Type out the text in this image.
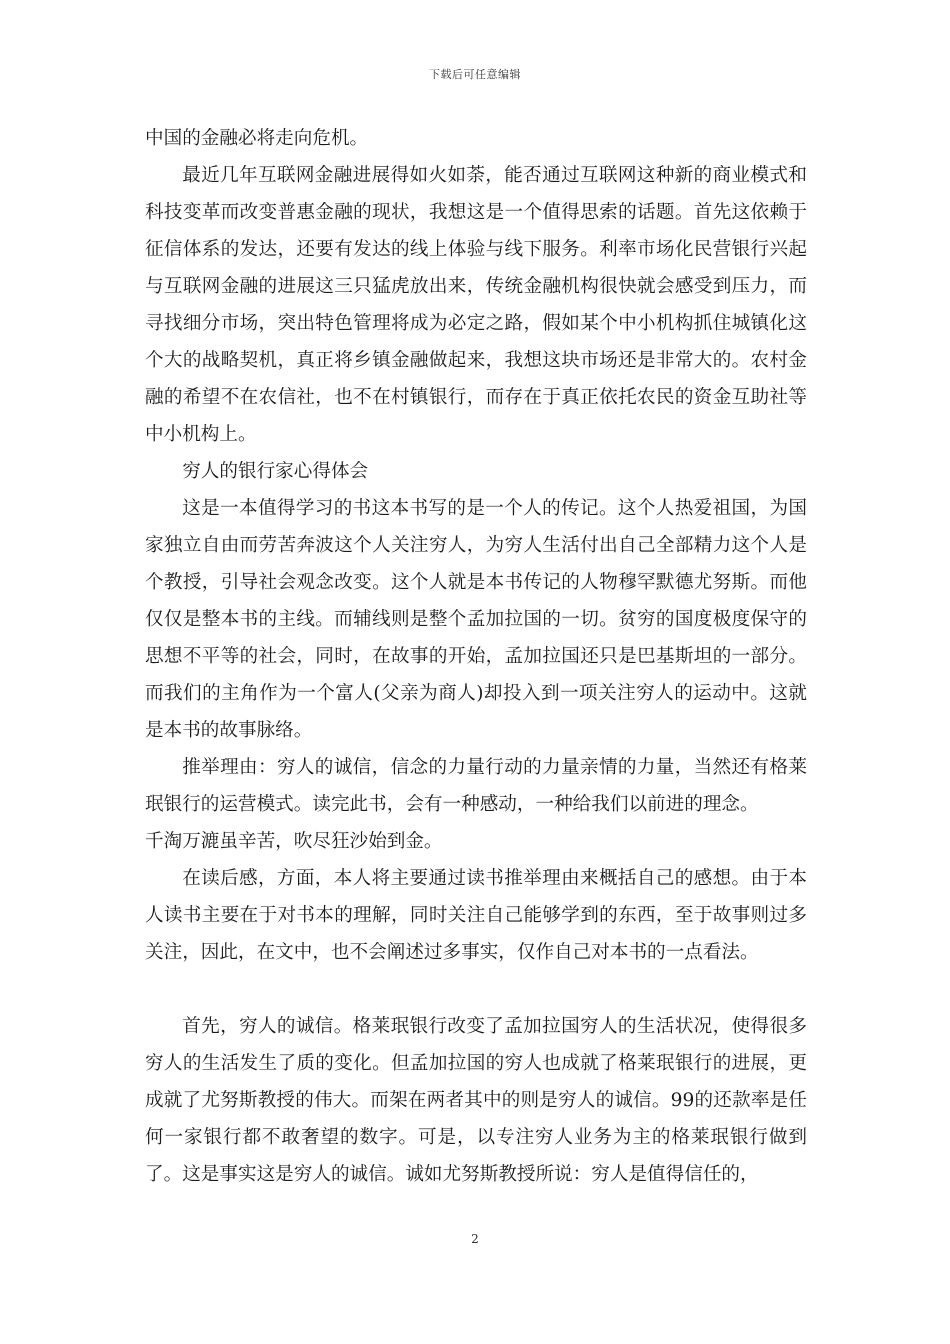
下载后可任意编辑

中国的金融必将走向危机。

最近几年互联网金融进展得如火如荼，能否通过互联网这种新的商业模式和科技变革而改变普惠金融的现状，我想这是一个值得思索的话题。首先这依赖于征信体系的发达，还要有发达的线上体验与线下服务。利率市场化民营银行兴起与互联网金融的进展这三只猛虎放出来，传统金融机构很快就会感受到压力，而寻找细分市场，突出特色管理将成为必定之路，假如某个中小机构抓住城镇化这个大的战略契机，真正将乡镇金融做起来，我想这块市场还是非常大的。农村金融的希望不在农信社，也不在村镇银行，而存在于真正依托农民的资金互助社等中小机构上。

穷人的银行家心得体会

这是一本值得学习的书这本书写的是一个人的传记。这个人热爱祖国，为国家独立自由而劳苦奔波这个人关注穷人，为穷人生活付出自己全部精力这个人是个教授，引导社会观念改变。这个人就是本书传记的人物穆罕默德尤努斯。而他仅仅是整本书的主线。而辅线则是整个孟加拉国的一切。贫穷的国度极度保守的思想不平等的社会，同时，在故事的开始，孟加拉国还只是巴基斯坦的一部分。而我们的主角作为一个富人(父亲为商人)却投入到一项关注穷人的运动中。这就是本书的故事脉络。

推举理由：穷人的诚信，信念的力量行动的力量亲情的力量，当然还有格莱珉银行的运营模式。读完此书，会有一种感动，一种给我们以前进的理念。

千淘万漉虽辛苦，吹尽狂沙始到金。

在读后感，方面，本人将主要通过读书推举理由来概括自己的感想。由于本人读书主要在于对书本的理解，同时关注自己能够学到的东西，至于故事则过多关注，因此，在文中，也不会阐述过多事实，仅作自己对本书的一点看法。

首先，穷人的诚信。格莱珉银行改变了孟加拉国穷人的生活状况，使得很多穷人的生活发生了质的变化。但孟加拉国的穷人也成就了格莱珉银行的进展，更成就了尤努斯教授的伟大。而架在两者其中的则是穷人的诚信。99的还款率是任何一家银行都不敢奢望的数字。可是，以专注穷人业务为主的格莱珉银行做到了。这是事实这是穷人的诚信。诚如尤努斯教授所说：穷人是值得信任的，

2
